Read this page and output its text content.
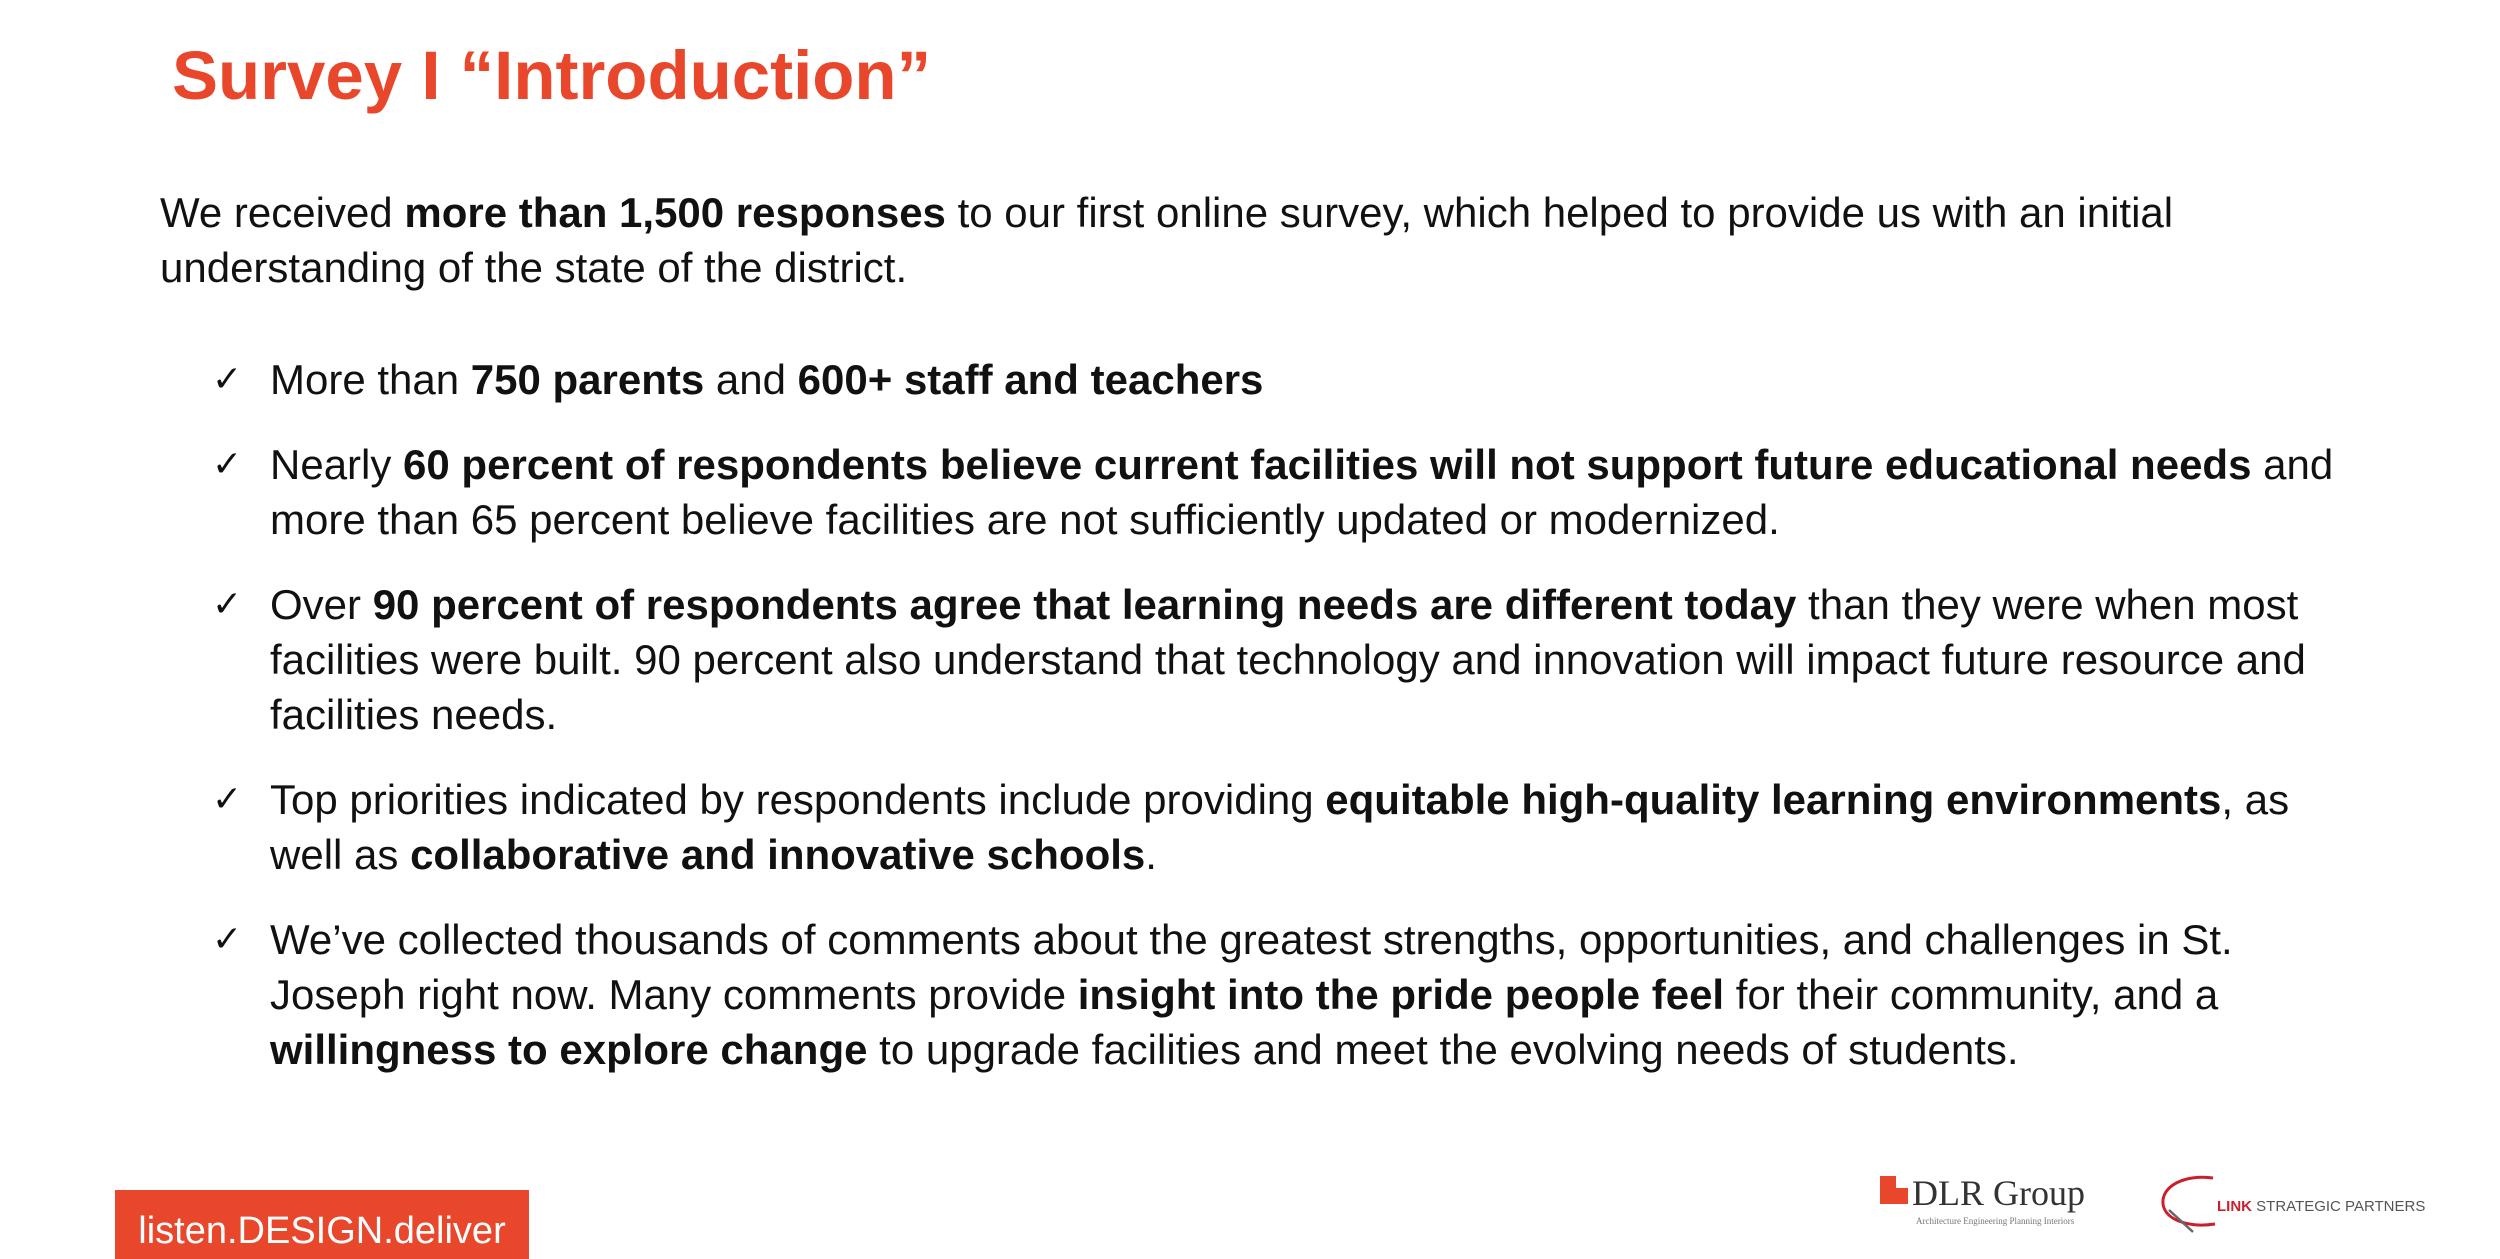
Survey I “Introduction”

We received more than 1,500 responses to our first online survey, which helped to provide us with an initial understanding of the state of the district.

✓ More than 750 parents and 600+ staff and teachers
✓ Nearly 60 percent of respondents believe current facilities will not support future educational needs and more than 65 percent believe facilities are not sufficiently updated or modernized.
✓ Over 90 percent of respondents agree that learning needs are different today than they were when most facilities were built. 90 percent also understand that technology and innovation will impact future resource and facilities needs.
✓ Top priorities indicated by respondents include providing equitable high-quality learning environments, as well as collaborative and innovative schools.
✓ We’ve collected thousands of comments about the greatest strengths, opportunities, and challenges in St. Joseph right now. Many comments provide insight into the pride people feel for their community, and a willingness to explore change to upgrade facilities and meet the evolving needs of students.
listen.DESIGN.deliver
DLR Group
Architecture Engineering Planning Interiors
LINK STRATEGIC PARTNERS
